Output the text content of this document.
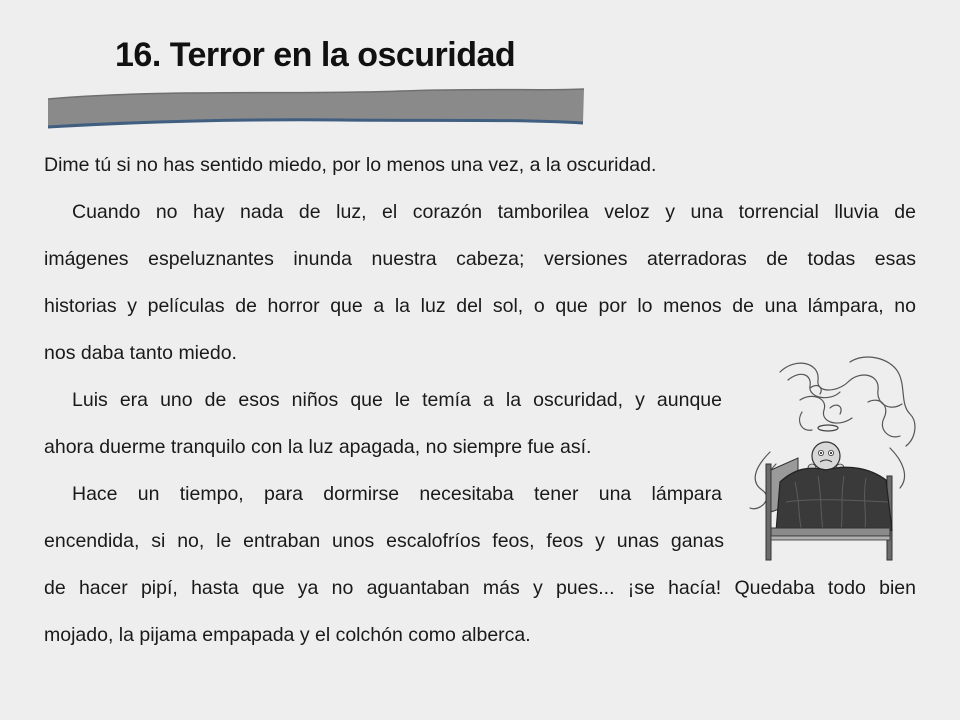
16. Terror en la oscuridad
Dime tú si no has sentido miedo, por lo menos una vez, a la oscuridad.
Cuando no hay nada de luz, el corazón tamborilea veloz y una torrencial lluvia de
imágenes espeluznantes inunda nuestra cabeza; versiones aterradoras de todas esas
historias y películas de horror que a la luz del sol, o que por lo menos de una lámpara, no
nos daba tanto miedo.
Luis era uno de esos niños que le temía a la oscuridad, y aunque
ahora duerme tranquilo con la luz apagada, no siempre fue así.
Hace un tiempo, para dormirse necesitaba tener una lámpara
encendida, si no, le entraban unos escalofríos feos, feos y unas ganas
de hacer pipí, hasta que ya no aguantaban más y pues... ¡se hacía! Quedaba todo bien
mojado, la pijama empapada y el colchón como alberca.
